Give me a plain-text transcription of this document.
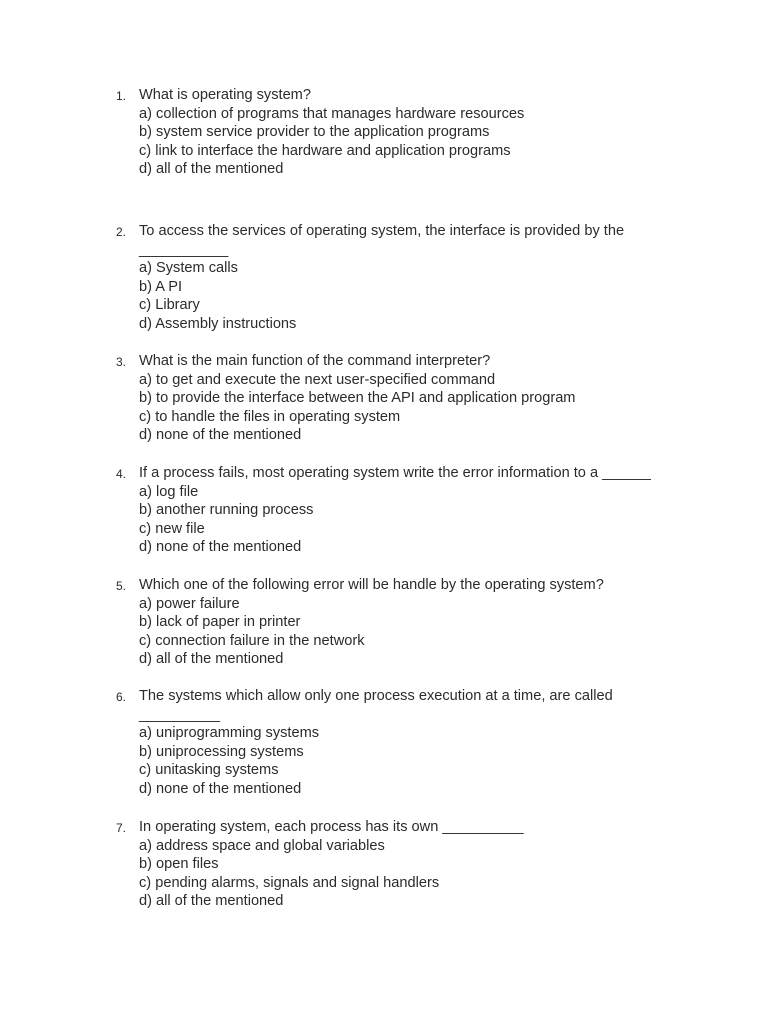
1. What is operating system?
a) collection of programs that manages hardware resources
b) system service provider to the application programs
c) link to interface the hardware and application programs
d) all of the mentioned
2. To access the services of operating system, the interface is provided by the
___________
a) System calls
b) A PI
c) Library
d) Assembly instructions
3. What is the main function of the command interpreter?
a) to get and execute the next user-specified command
b) to provide the interface between the API and application program
c) to handle the files in operating system
d) none of the mentioned
4. If a process fails, most operating system write the error information to a ______
a) log file
b) another running process
c) new file
d) none of the mentioned
5. Which one of the following error will be handle by the operating system?
a) power failure
b) lack of paper in printer
c) connection failure in the network
d) all of the mentioned
6. The systems which allow only one process execution at a time, are called
__________
a) uniprogramming systems
b) uniprocessing systems
c) unitasking systems
d) none of the mentioned
7. In operating system, each process has its own __________
a) address space and global variables
b) open files
c) pending alarms, signals and signal handlers
d) all of the mentioned
